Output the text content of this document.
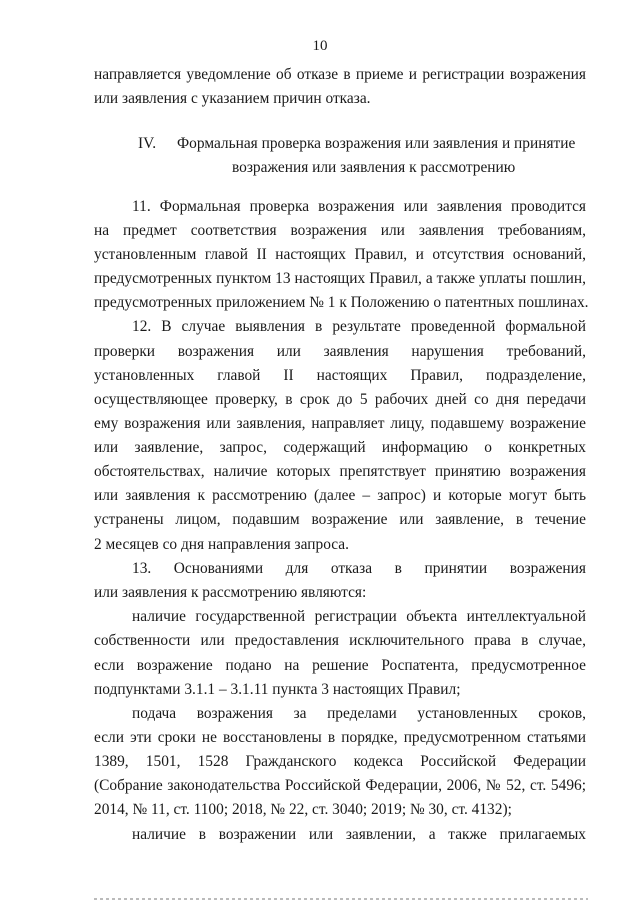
10
направляется уведомление об отказе в приеме и регистрации возражения
или заявления с указанием причин отказа.
IV. Формальная проверка возражения или заявления и принятие
возражения или заявления к рассмотрению
11. Формальная проверка возражения или заявления проводится
на предмет соответствия возражения или заявления требованиям,
установленным главой II настоящих Правил, и отсутствия оснований,
предусмотренных пунктом 13 настоящих Правил, а также уплаты пошлин,
предусмотренных приложением № 1 к Положению о патентных пошлинах.
12. В случае выявления в результате проведенной формальной
проверки возражения или заявления нарушения требований,
установленных главой II настоящих Правил, подразделение,
осуществляющее проверку, в срок до 5 рабочих дней со дня передачи
ему возражения или заявления, направляет лицу, подавшему возражение
или заявление, запрос, содержащий информацию о конкретных
обстоятельствах, наличие которых препятствует принятию возражения
или заявления к рассмотрению (далее – запрос) и которые могут быть
устранены лицом, подавшим возражение или заявление, в течение
2 месяцев со дня направления запроса.
13. Основаниями для отказа в принятии возражения
или заявления к рассмотрению являются:
наличие государственной регистрации объекта интеллектуальной
собственности или предоставления исключительного права в случае,
если возражение подано на решение Роспатента, предусмотренное
подпунктами 3.1.1 – 3.1.11 пункта 3 настоящих Правил;
подача возражения за пределами установленных сроков,
если эти сроки не восстановлены в порядке, предусмотренном статьями
1389, 1501, 1528 Гражданского кодекса Российской Федерации
(Собрание законодательства Российской Федерации, 2006, № 52, ст. 5496;
2014, № 11, ст. 1100; 2018, № 22, ст. 3040; 2019; № 30, ст. 4132);
наличие в возражении или заявлении, а также прилагаемых
